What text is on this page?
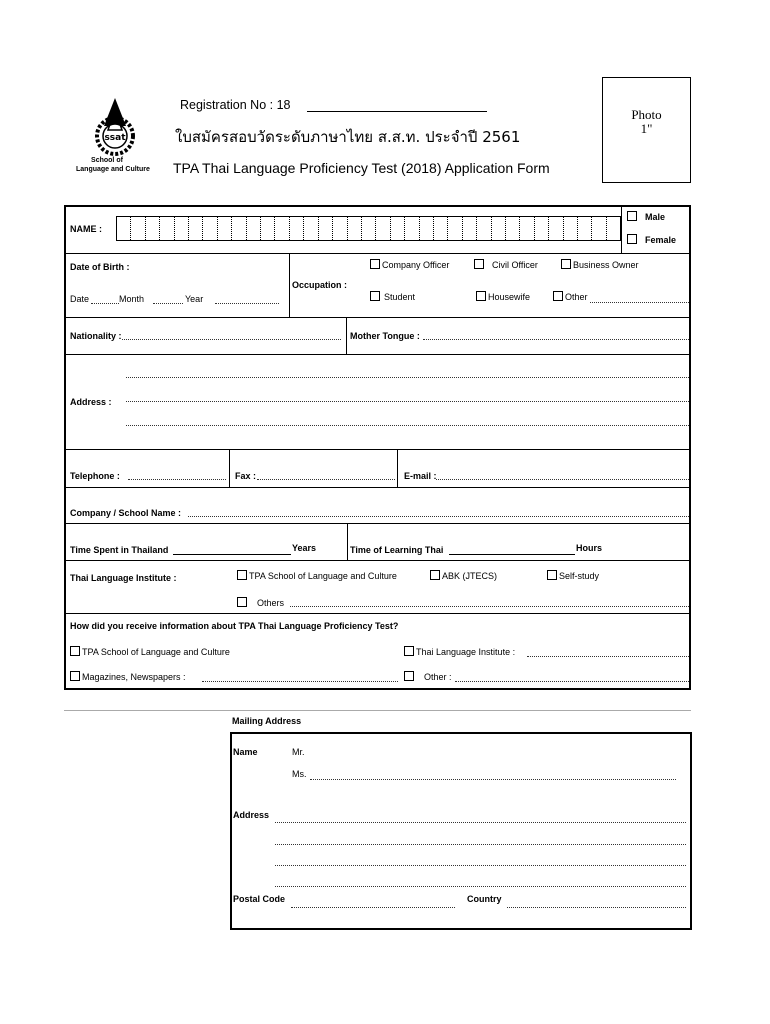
ssat
School of
Language and Culture
Registration No : 18
ใบสมัครสอบวัดระดับภาษาไทย ส.ส.ท. ประจำปี 2561
TPA Thai Language Proficiency Test (2018) Application Form
Photo
1"
NAME :
Male
Female
Date of Birth :
Date	Month	Year
Occupation :
Company Officer	Civil Officer	Business Owner
Student	Housewife	Other
Nationality :	Mother Tongue :
Address :
Telephone :	Fax :	E-mail :
Company / School Name :
Time Spent in Thailand	Years	Time of Learning Thai	Hours
Thai Language Institute :	TPA School of Language and Culture	ABK (JTECS)	Self-study
Others
How did you receive information about TPA Thai Language Proficiency Test?
TPA School of Language and Culture	Thai Language Institute :
Magazines, Newspapers :	Other :
Mailing Address
Name	Mr.
Ms.
Address
Postal Code	Country
